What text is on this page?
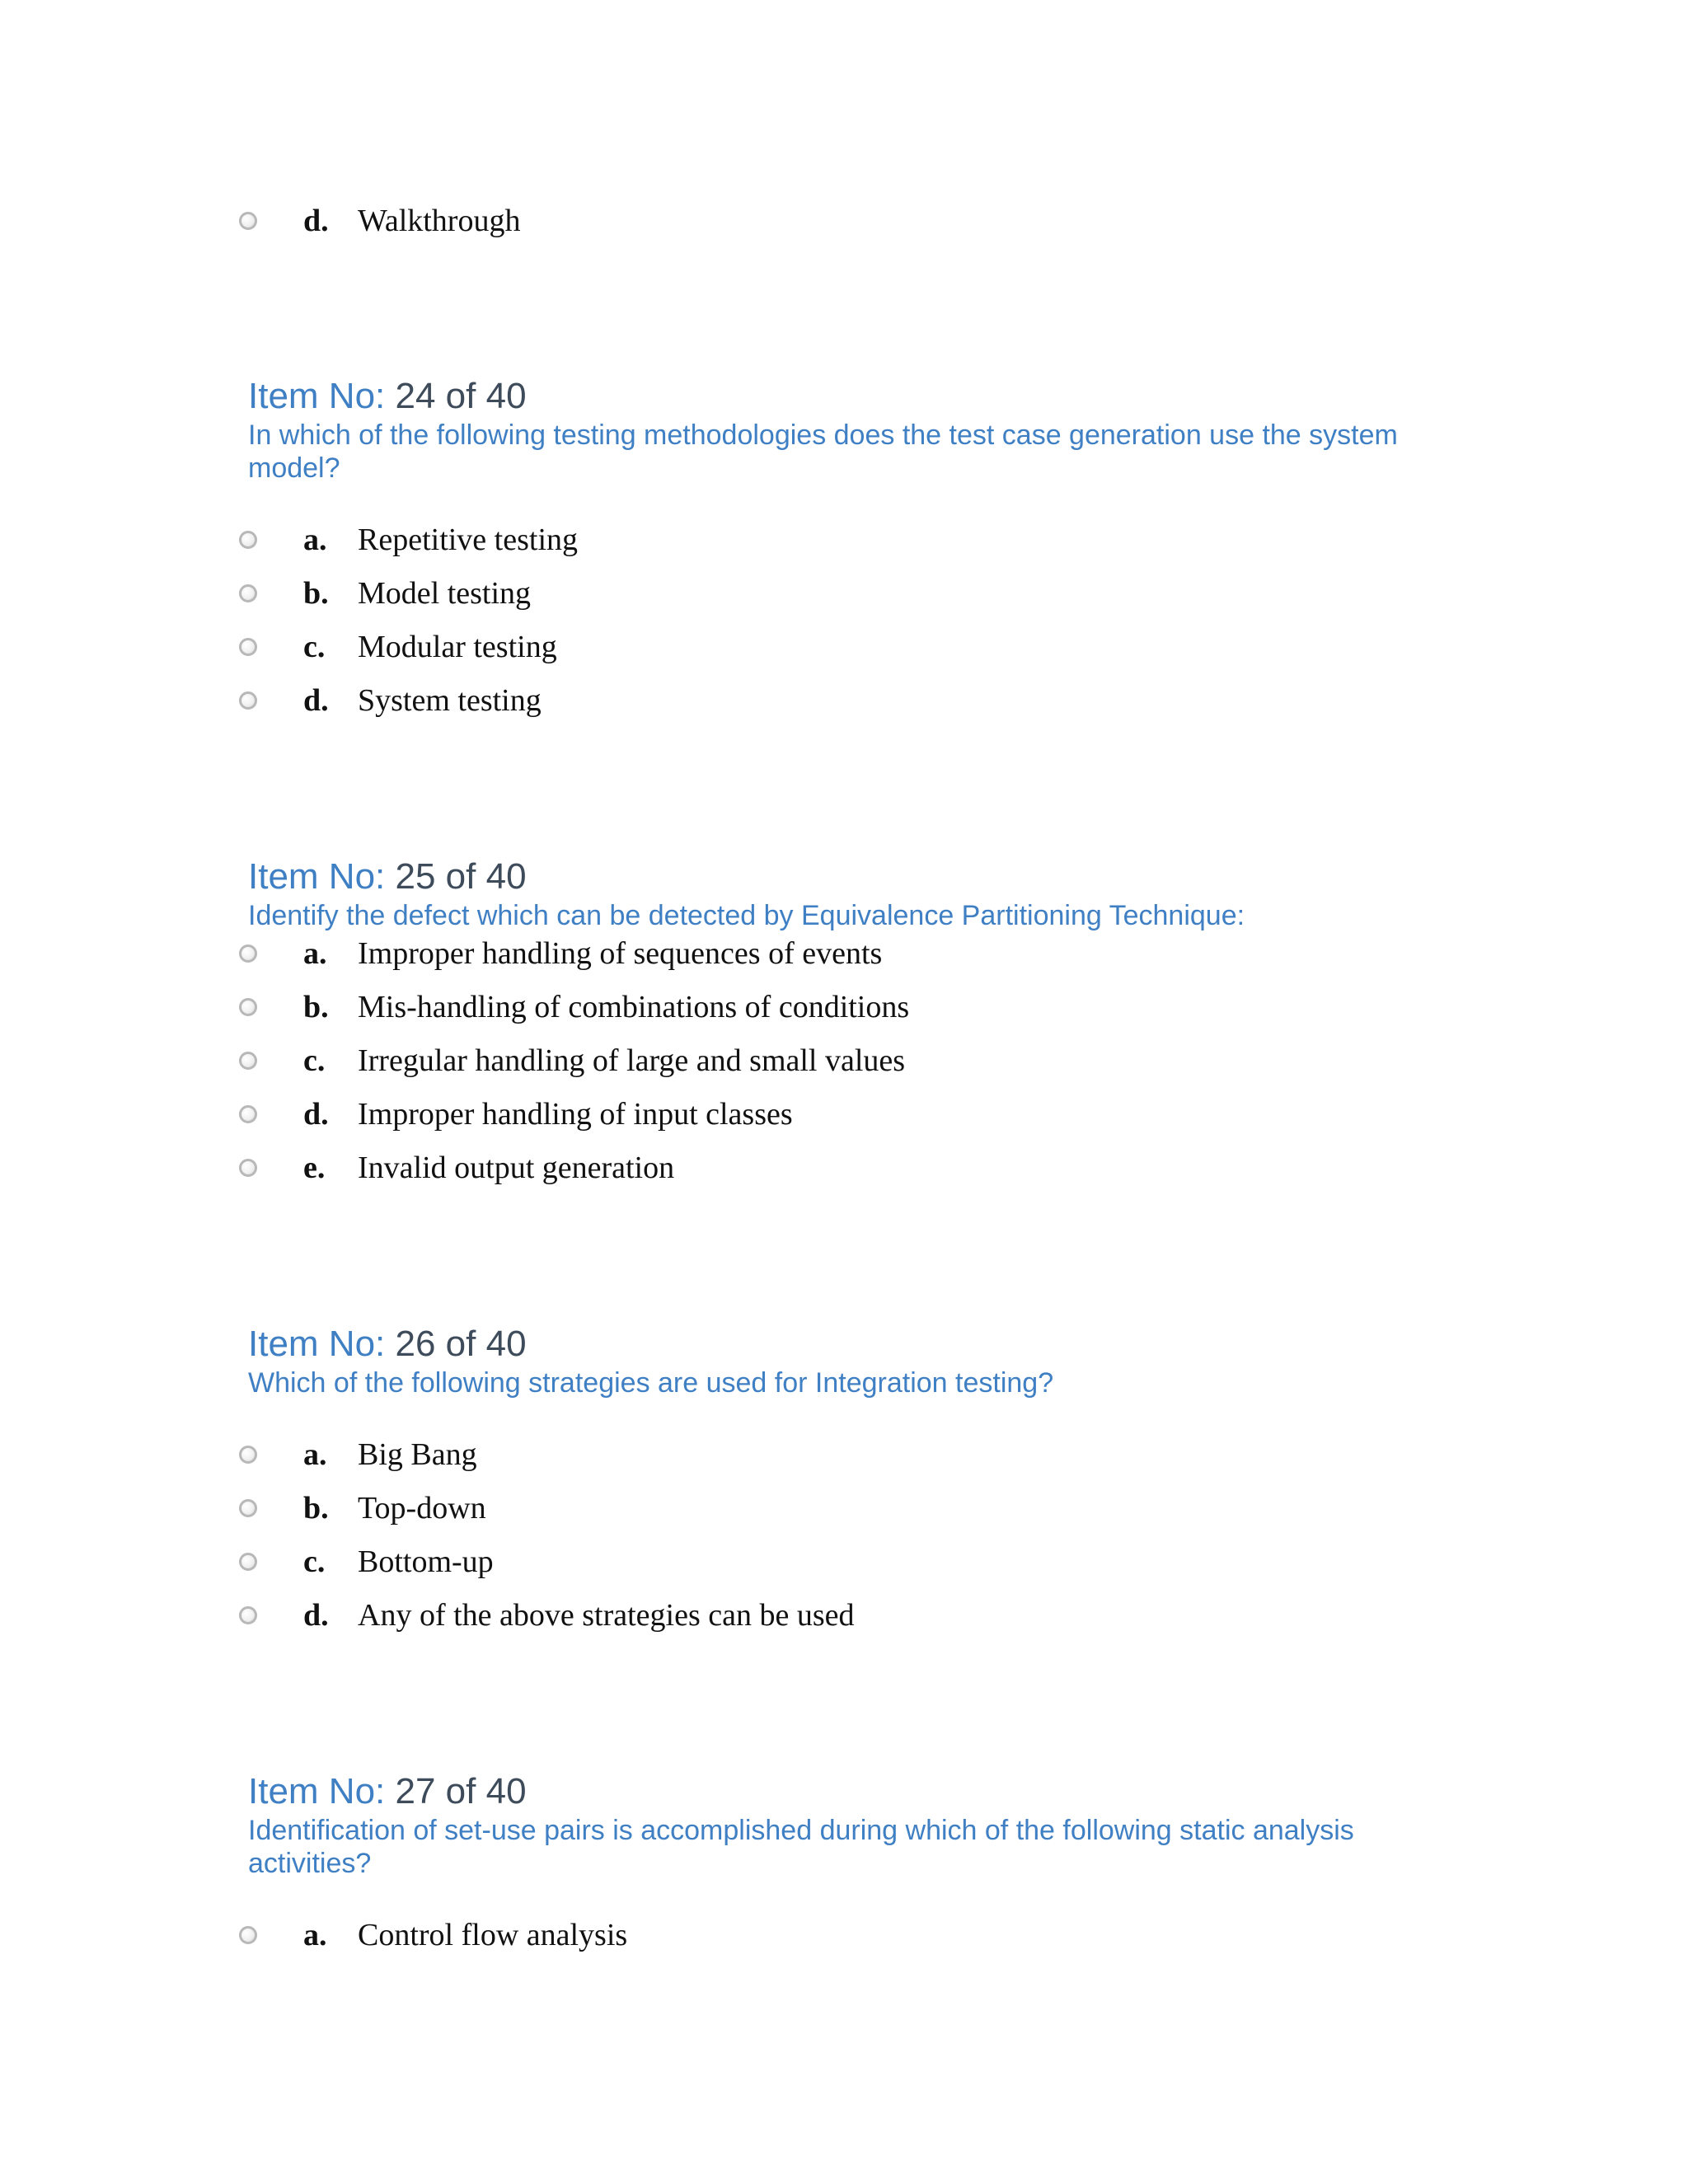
d. Walkthrough
Item No: 24 of 40
In which of the following testing methodologies does the test case generation use the system model?
a. Repetitive testing
b. Model testing
c.	Modular testing
d. System testing
Item No: 25 of 40
Identify the defect which can be detected by Equivalence Partitioning Technique:
a. Improper handling of sequences of events
b. Mis-handling of combinations of conditions
c.	Irregular handling of large and small values
d. Improper handling of input classes
e.	Invalid output generation
Item No: 26 of 40
Which of the following strategies are used for Integration testing?
a. Big Bang
b. Top-down
c.	Bottom-up
d. Any of the above strategies can be used
Item No: 27 of 40
Identification of set-use pairs is accomplished during which of the following static analysis activities?
a. Control flow analysis
